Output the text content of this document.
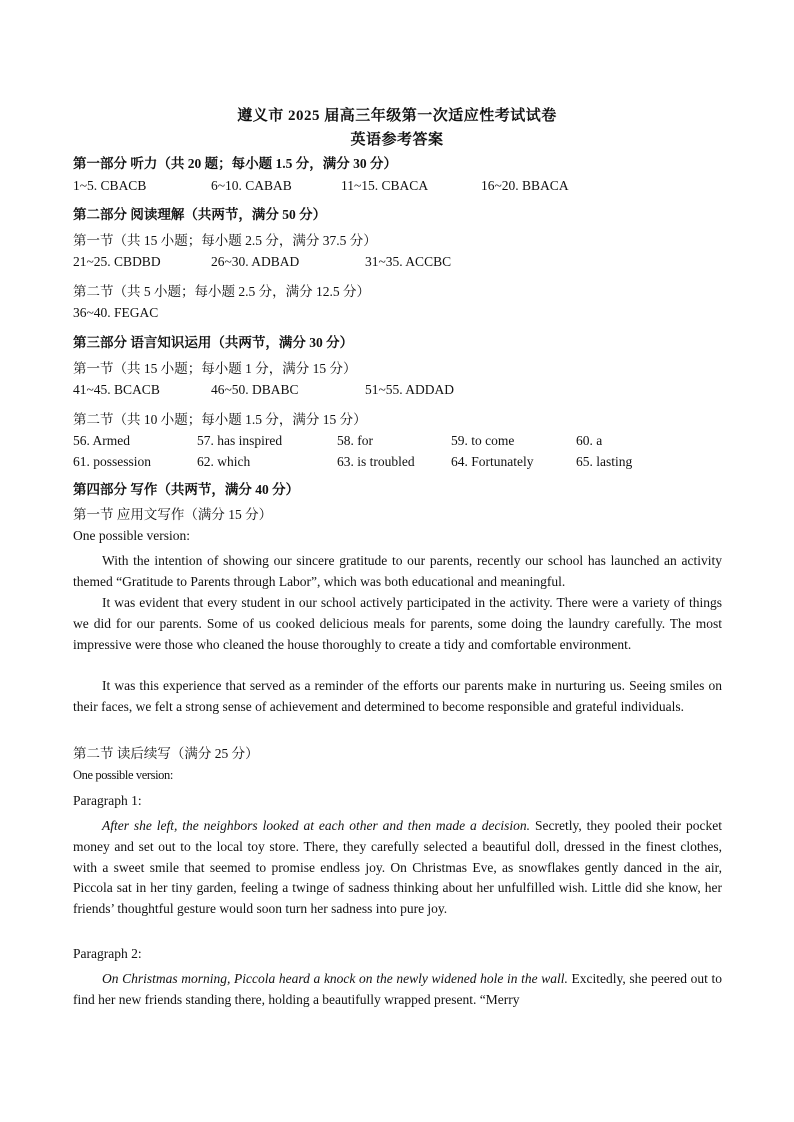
遵义市 2025 届高三年级第一次适应性考试试卷
英语参考答案
第一部分 听力（共 20 题；每小题 1.5 分，满分 30 分）
1~5. CBACB	6~10. CABAB	11~15. CBACA	16~20. BBACA
第二部分 阅读理解（共两节，满分 50 分）
第一节（共 15 小题；每小题 2.5 分，满分 37.5 分）
21~25. CBDBD	26~30. ADBAD	31~35. ACCBC
第二节（共 5 小题；每小题 2.5 分，满分 12.5 分）
36~40. FEGAC
第三部分 语言知识运用（共两节，满分 30 分）
第一节（共 15 小题；每小题 1 分，满分 15 分）
41~45. BCACB	46~50. DBABC	51~55. ADDAD
第二节（共 10 小题；每小题 1.5 分，满分 15 分）
56. Armed	57. has inspired	58. for	59. to come	60. a
61. possession	62. which	63. is troubled	64. Fortunately	65. lasting
第四部分 写作（共两节，满分 40 分）
第一节 应用文写作（满分 15 分）
One possible version:
With the intention of showing our sincere gratitude to our parents, recently our school has launched an activity themed “Gratitude to Parents through Labor”, which was both educational and meaningful.
It was evident that every student in our school actively participated in the activity. There were a variety of things we did for our parents. Some of us cooked delicious meals for parents, some doing the laundry carefully. The most impressive were those who cleaned the house thoroughly to create a tidy and comfortable environment.
It was this experience that served as a reminder of the efforts our parents make in nurturing us. Seeing smiles on their faces, we felt a strong sense of achievement and determined to become responsible and grateful individuals.
第二节 读后续写（满分 25 分）
One possible version:
Paragraph 1:
After she left, the neighbors looked at each other and then made a decision. Secretly, they pooled their pocket money and set out to the local toy store. There, they carefully selected a beautiful doll, dressed in the finest clothes, with a sweet smile that seemed to promise endless joy. On Christmas Eve, as snowflakes gently danced in the air, Piccola sat in her tiny garden, feeling a twinge of sadness thinking about her unfulfilled wish. Little did she know, her friends’ thoughtful gesture would soon turn her sadness into pure joy.
Paragraph 2:
On Christmas morning, Piccola heard a knock on the newly widened hole in the wall. Excitedly, she peered out to find her new friends standing there, holding a beautifully wrapped present. “Merry
